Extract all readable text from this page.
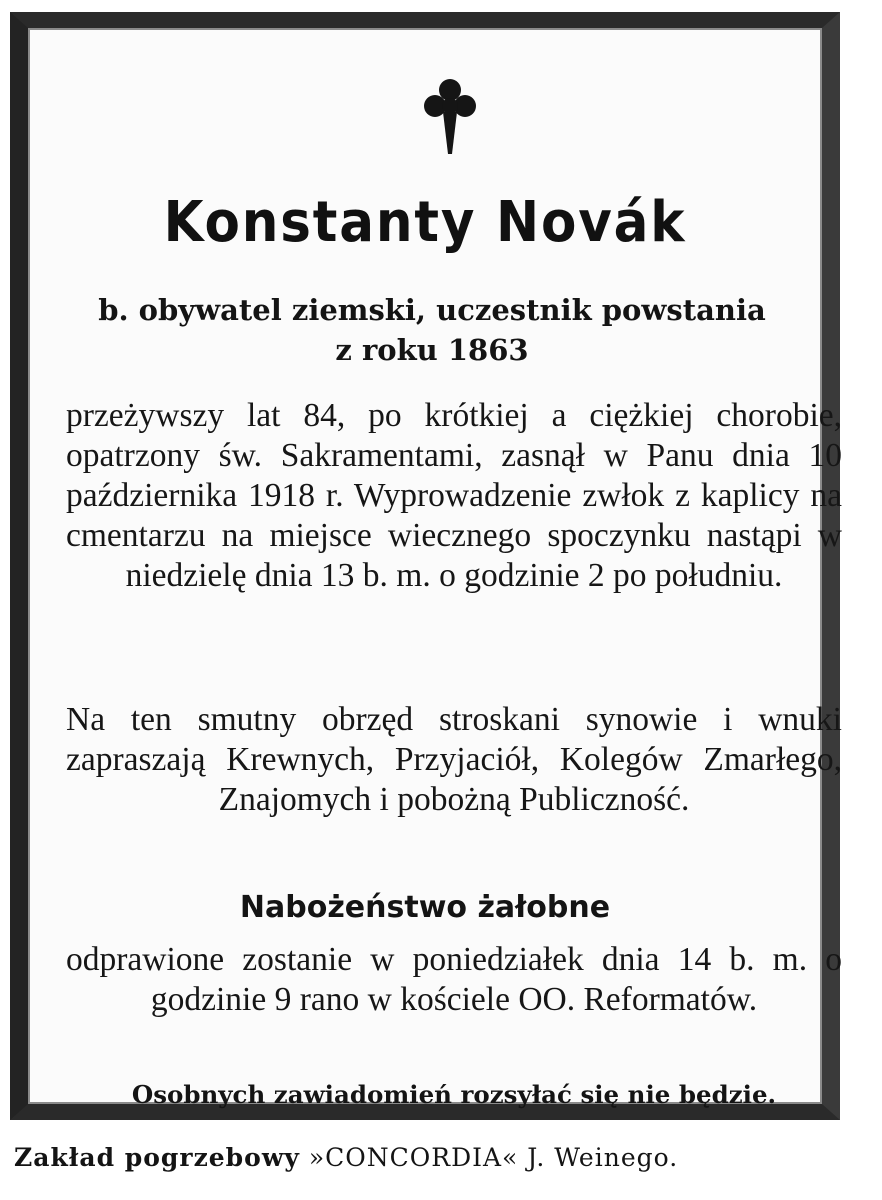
Konstanty Novák
b. obywatel ziemski, uczestnik powstania
z roku 1863

przeżywszy lat 84, po krótkiej a ciężkiej chorobie, opatrzony św. Sakramentami, zasnął w Panu dnia 10 października 1918 r. Wyprowadzenie zwłok z kaplicy na cmentarzu na miejsce wiecznego spoczynku nastąpi w niedzielę dnia 13 b. m. o godzinie 2 po południu.

Na ten smutny obrzęd stroskani synowie i wnuki zapraszają Krewnych, Przyjaciół, Kolegów Zmarłego, Znajomych i pobożną Publiczność.

Nabożeństwo żałobne

odprawione zostanie w poniedziałek dnia 14 b. m. o godzinie 9 rano w kościele OO. Reformatów.

Osobnych zawiadomień rozsyłać się nie będzie.

Zakład pogrzebowy »CONCORDIA« J. Weinego.
